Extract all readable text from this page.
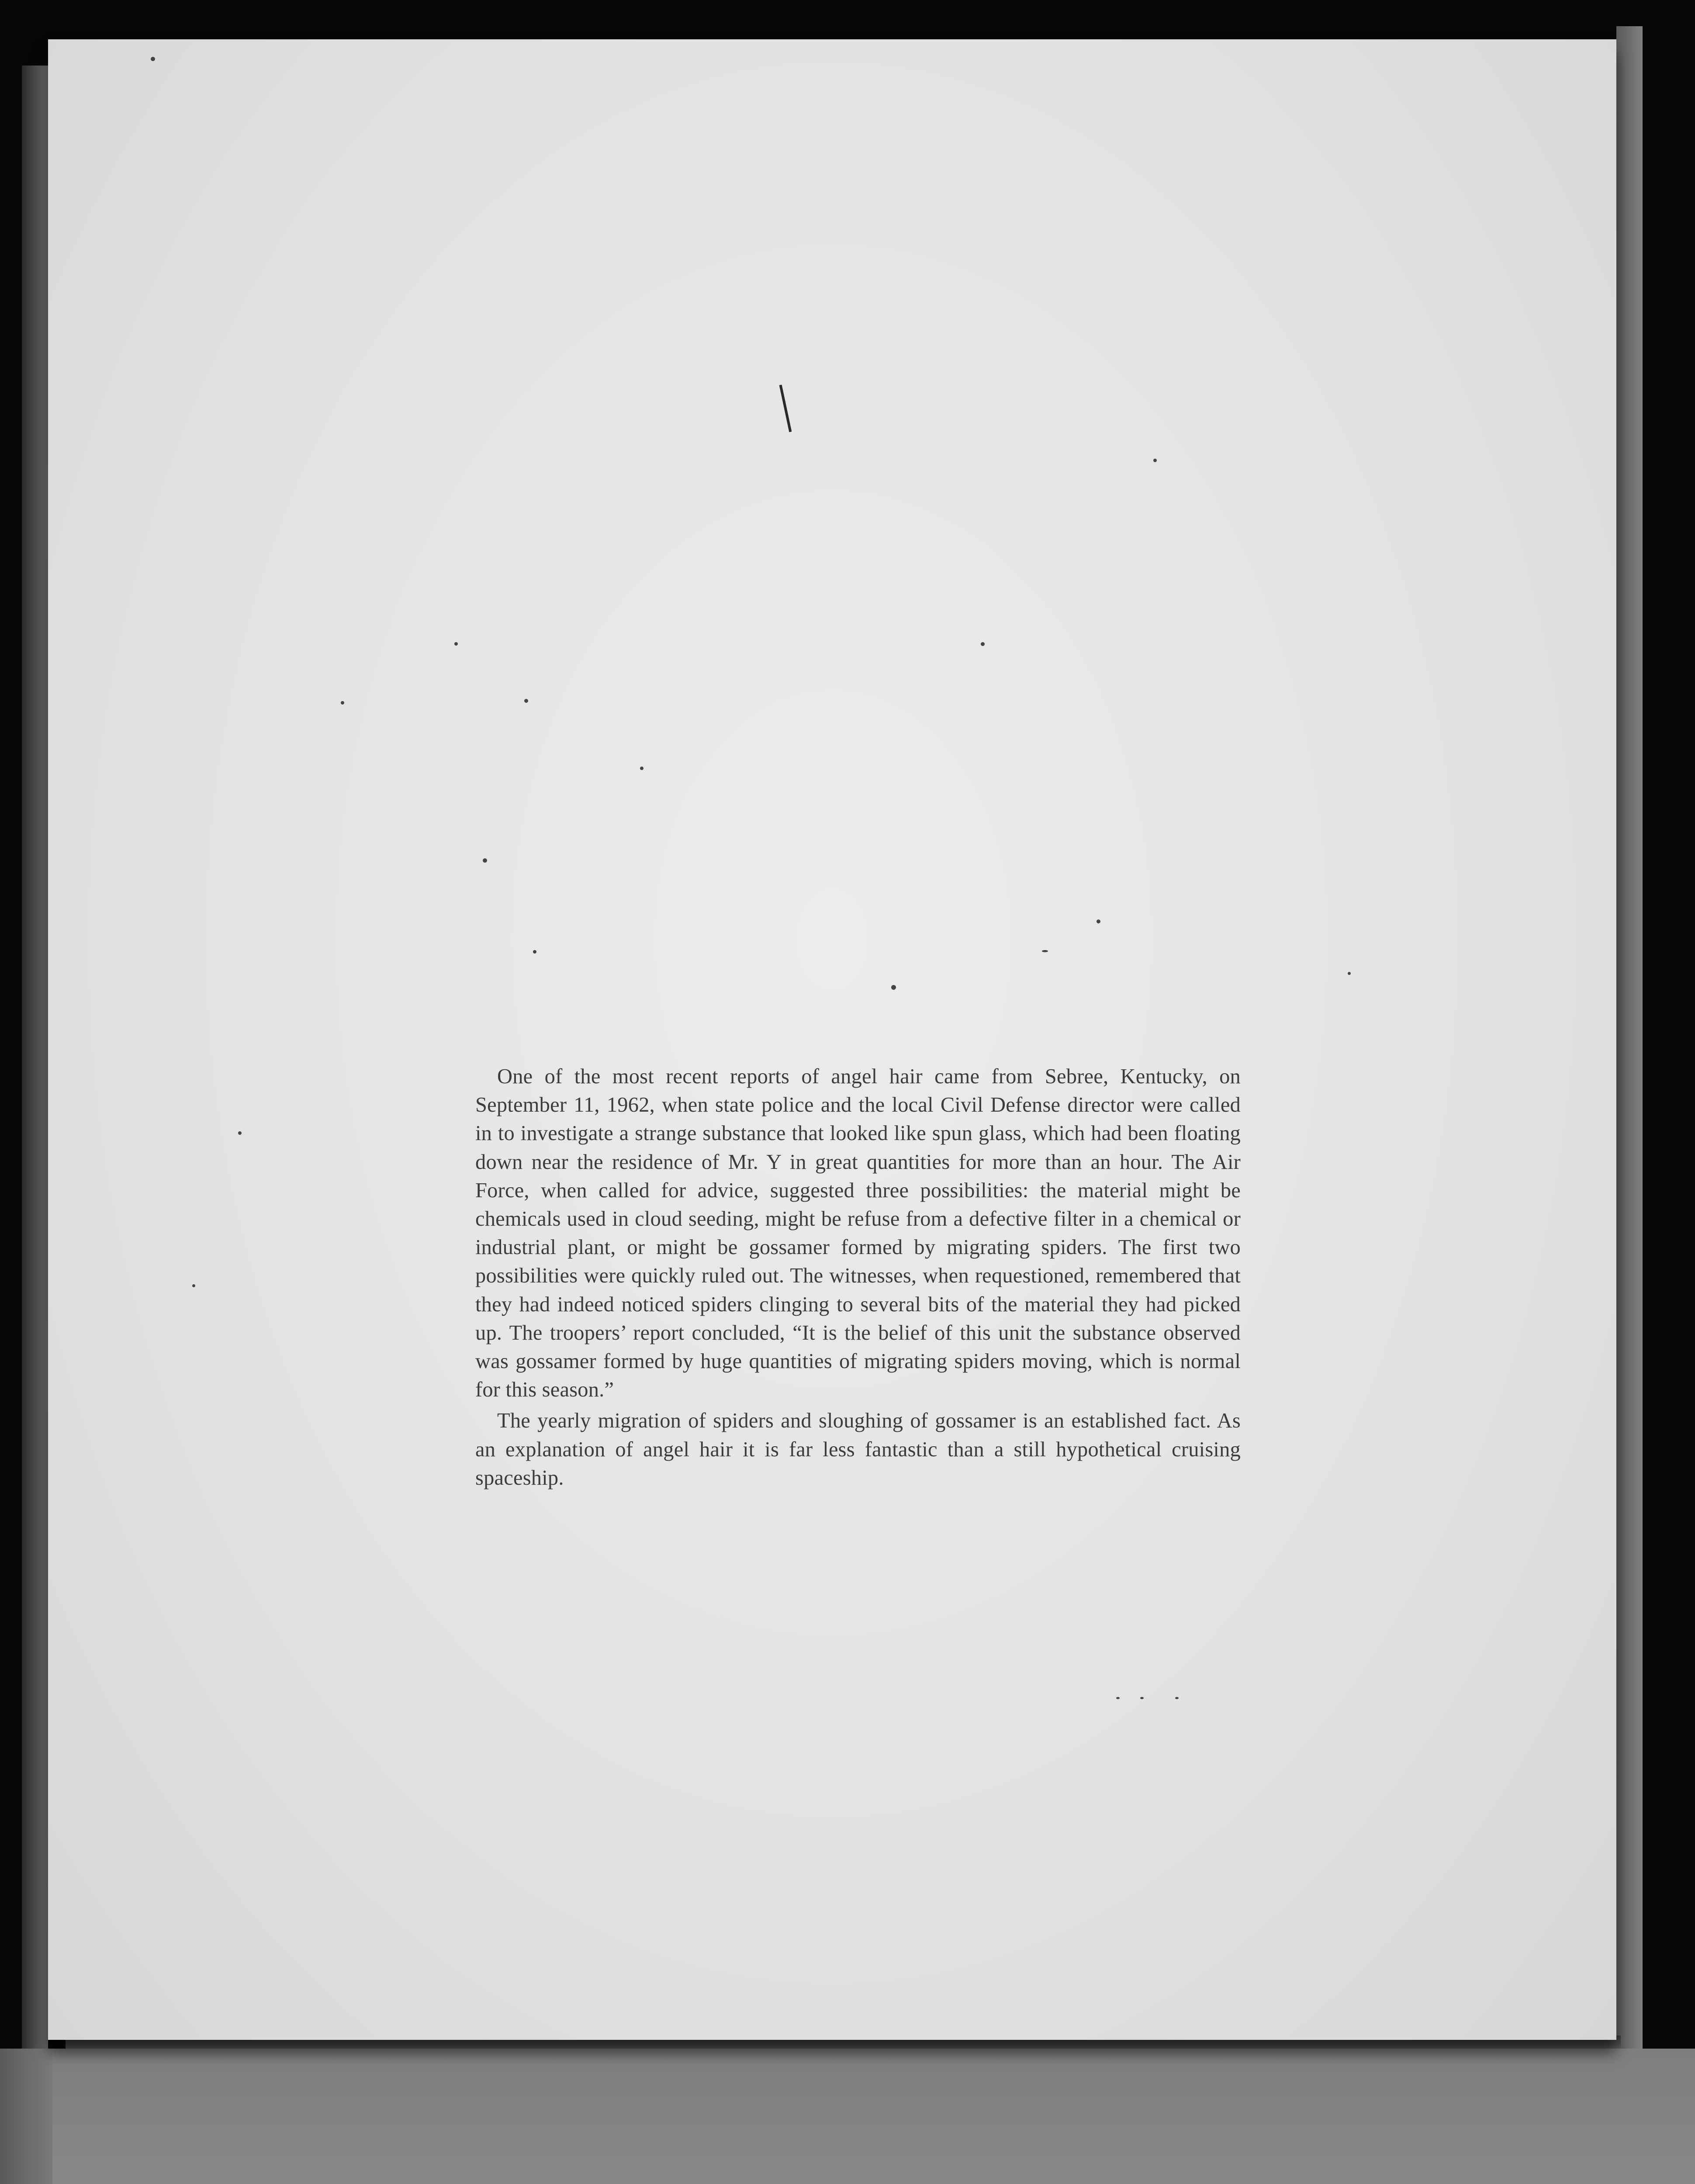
One of the most recent reports of angel hair came from Sebree, Kentucky, on September 11, 1962, when state police and the local Civil Defense director were called in to investigate a strange substance that looked like spun glass, which had been floating down near the residence of Mr. Y in great quantities for more than an hour. The Air Force, when called for advice, suggested three possibilities: the material might be chemicals used in cloud seeding, might be refuse from a defective filter in a chemical or industrial plant, or might be gossamer formed by migrating spiders. The first two possibilities were quickly ruled out. The witnesses, when requestioned, remembered that they had indeed noticed spiders clinging to several bits of the material they had picked up. The troopers’ report concluded, “It is the belief of this unit the substance observed was gossamer formed by huge quantities of migrating spiders moving, which is normal for this season.”

The yearly migration of spiders and sloughing of gossamer is an established fact. As an explanation of angel hair it is far less fantastic than a still hypothetical cruising spaceship.
